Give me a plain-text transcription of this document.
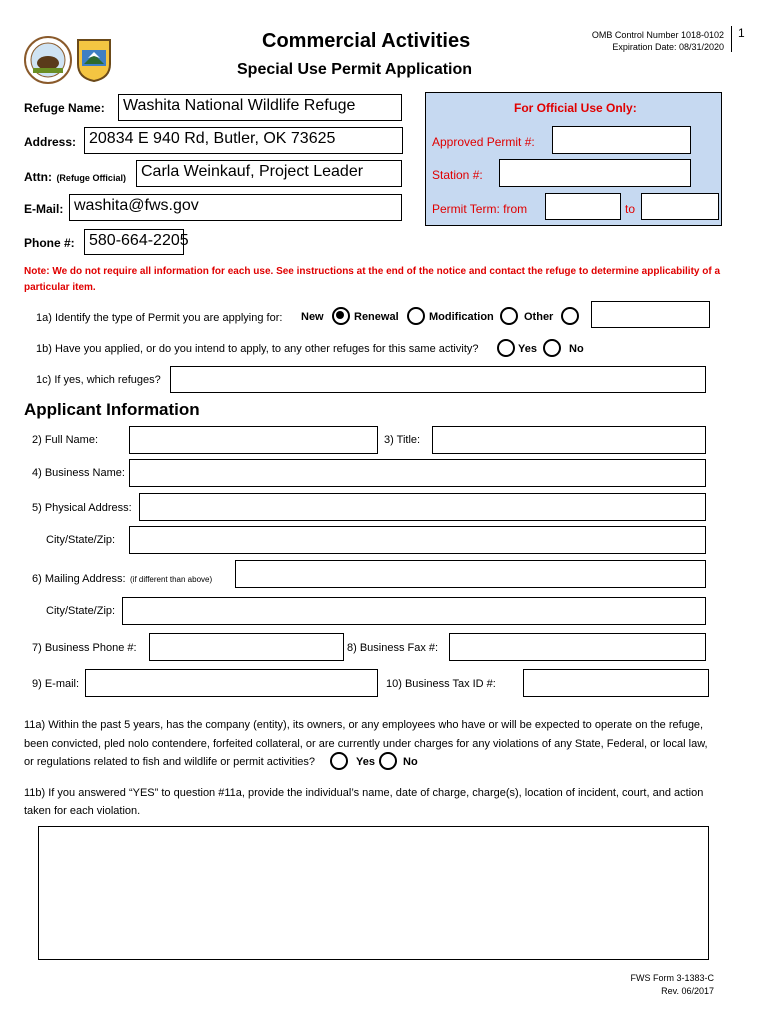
Commercial Activities
Special Use Permit Application
OMB Control Number 1018-0102
Expiration Date: 08/31/2020
1
Refuge Name:	Washita National Wildlife Refuge
Address: 20834 E 940 Rd, Butler, OK 73625
Attn: (Refuge Official) Carla Weinkauf, Project Leader
E-Mail: washita@fws.gov
Phone #: 580-664-2205
For Official Use Only:
Approved Permit #:
Station #:
Permit Term: from	to
Note: We do not require all information for each use. See instructions at the end of the notice and contact the refuge to determine applicability of a particular item.
1a) Identify the type of Permit you are applying for: New	Renewal	Modification	Other
1b) Have you applied, or do you intend to apply, to any other refuges for this same activity?	Yes	No
1c) If yes, which refuges?
Applicant Information
2) Full Name:	3) Title:
4) Business Name:
5) Physical Address:
City/State/Zip:
6) Mailing Address: (if different than above)
City/State/Zip:
7) Business Phone #:	8) Business Fax #:
9) E-mail:	10) Business Tax ID #:
11a) Within the past 5 years, has the company (entity), its owners, or any employees who have or will be expected to operate on the refuge,
been convicted, pled nolo contendere, forfeited collateral, or are currently under charges for any violations of any State, Federal, or local law,
or regulations related to fish and wildlife or permit activities?	Yes	No
11b) If you answered “YES” to question #11a, provide the individual’s name, date of charge, charge(s), location of incident, court, and action
taken for each violation.
FWS Form 3-1383-C
Rev. 06/2017
